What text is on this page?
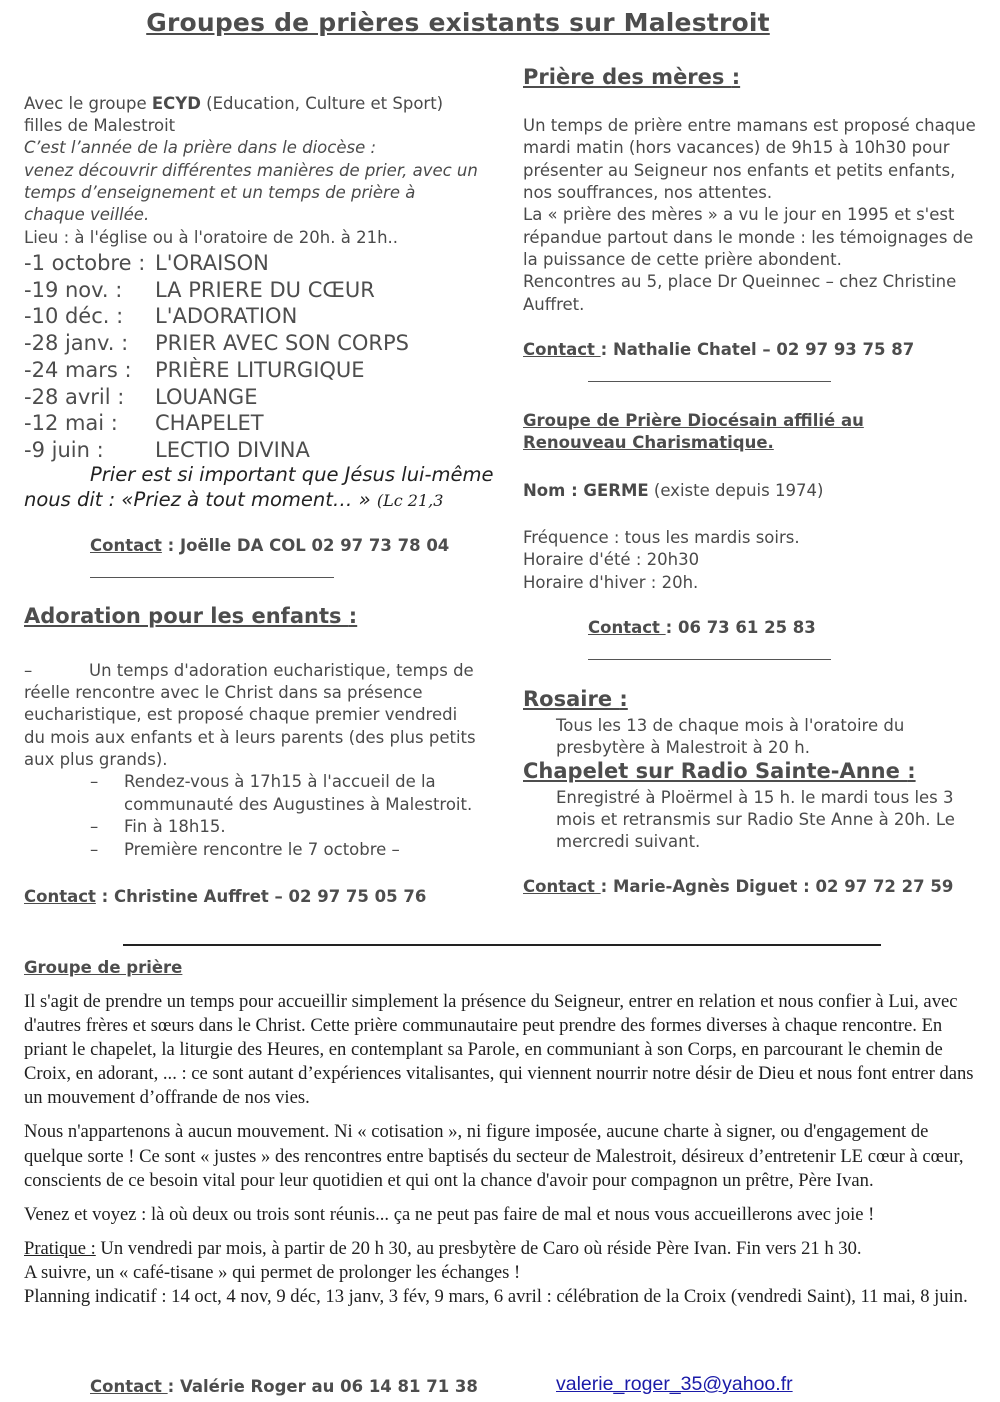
Groupes de prières existants sur Malestroit
Avec le groupe ECYD (Education, Culture et Sport)
filles de Malestroit
C’est l’année de la prière dans le diocèse :
venez découvrir différentes manières de prier, avec un
temps d’enseignement et un temps de prière à
chaque veillée.
Lieu : à l'église ou à l'oratoire de 20h. à 21h..
-1 octobre : L'ORAISON
-19 nov. : LA PRIERE DU CŒUR
-10 déc. : L'ADORATION
-28 janv. : PRIER AVEC SON CORPS
-24 mars : PRIÈRE LITURGIQUE
-28 avril : LOUANGE
-12 mai : CHAPELET
-9 juin : LECTIO DIVINA
Prier est si important que Jésus lui-même
nous dit : «Priez à tout moment… » (Lc 21,3
Contact : Joëlle DA COL 02 97 73 78 04
Adoration pour les enfants :
–	Un temps d'adoration eucharistique, temps de
réelle rencontre avec le Christ dans sa présence
eucharistique, est proposé chaque premier vendredi
du mois aux enfants et à leurs parents (des plus petits
aux plus grands).
– Rendez-vous à 17h15 à l'accueil de la
communauté des Augustines à Malestroit.
– Fin à 18h15.
– Première rencontre le 7 octobre –
Contact : Christine Auffret – 02 97 75 05 76
Prière des mères :
Un temps de prière entre mamans est proposé chaque
mardi matin (hors vacances) de 9h15 à 10h30 pour
présenter au Seigneur nos enfants et petits enfants,
nos souffrances, nos attentes.
La « prière des mères » a vu le jour en 1995 et s'est
répandue partout dans le monde : les témoignages de
la puissance de cette prière abondent.
Rencontres au 5, place Dr Queinnec – chez Christine
Auffret.
Contact : Nathalie Chatel – 02 97 93 75 87
Groupe de Prière Diocésain affilié au
Renouveau Charismatique.
Nom : GERME (existe depuis 1974)
Fréquence : tous les mardis soirs.
Horaire d'été : 20h30
Horaire d'hiver : 20h.
Contact : 06 73 61 25 83
Rosaire :
Tous les 13 de chaque mois à l'oratoire du
presbytère à Malestroit à 20 h.
Chapelet sur Radio Sainte-Anne :
Enregistré à Ploërmel à 15 h. le mardi tous les 3
mois et retransmis sur Radio Ste Anne à 20h. Le
mercredi suivant.
Contact : Marie-Agnès Diguet : 02 97 72 27 59
Groupe de prière

Il s'agit de prendre un temps pour accueillir simplement la présence du Seigneur, entrer en relation et nous confier à Lui, avec d'autres frères et sœurs dans le Christ. Cette prière communautaire peut prendre des formes diverses à chaque rencontre. En priant le chapelet, la liturgie des Heures, en contemplant sa Parole, en communiant à son Corps, en parcourant le chemin de Croix, en adorant, ... : ce sont autant d’expériences vitalisantes, qui viennent nourrir notre désir de Dieu et nous font entrer dans un mouvement d’offrande de nos vies.

Nous n'appartenons à aucun mouvement. Ni « cotisation », ni figure imposée, aucune charte à signer, ou d'engagement de quelque sorte ! Ce sont « justes » des rencontres entre baptisés du secteur de Malestroit, désireux d’entretenir LE cœur à cœur, conscients de ce besoin vital pour leur quotidien et qui ont la chance d'avoir pour compagnon un prêtre, Père Ivan.

Venez et voyez : là où deux ou trois sont réunis... ça ne peut pas faire de mal et nous vous accueillerons avec joie !

Pratique : Un vendredi par mois, à partir de 20 h 30, au presbytère de Caro où réside Père Ivan. Fin vers 21 h 30.

A suivre, un « café-tisane » qui permet de prolonger les échanges !

Planning indicatif : 14 oct, 4 nov, 9 déc, 13 janv, 3 fév, 9 mars, 6 avril : célébration de la Croix (vendredi Saint), 11 mai, 8 juin.

Contact : Valérie Roger au 06 14 81 71 38	valerie_roger_35@yahoo.fr
